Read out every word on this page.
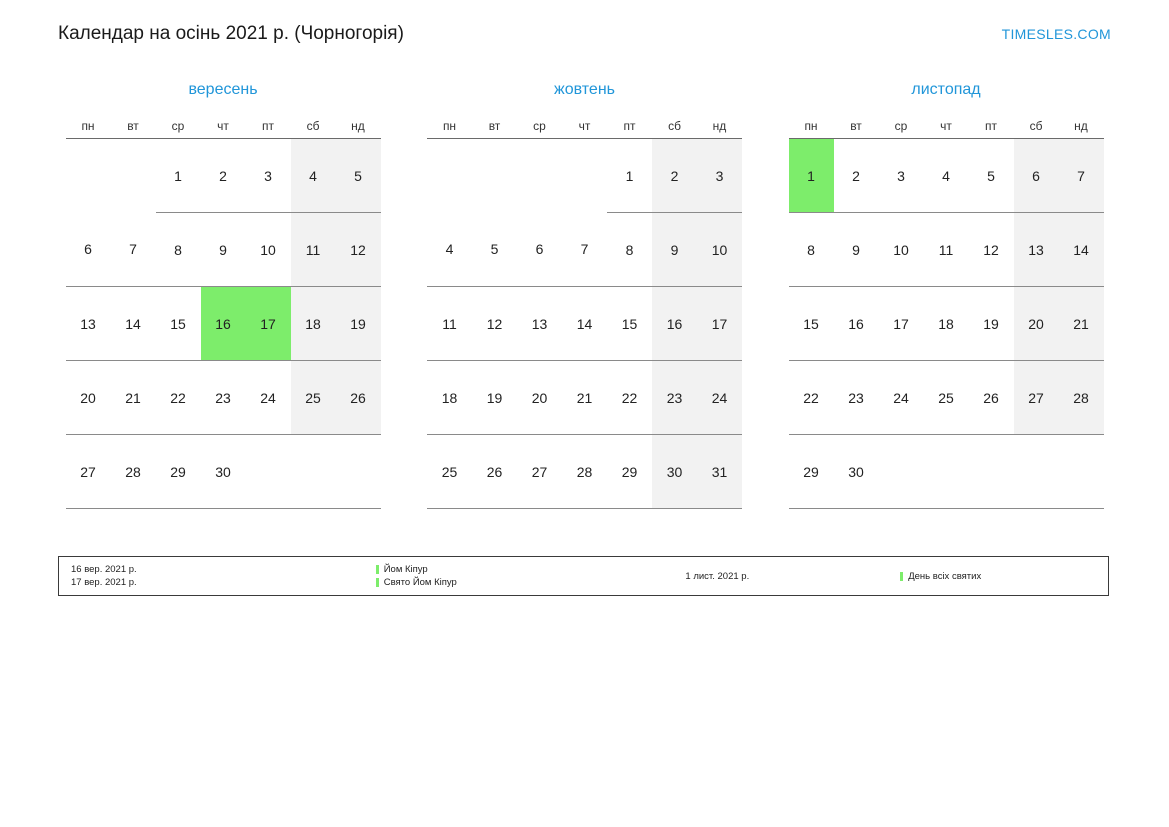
Календар на осінь 2021 р. (Чорногорія)	TIMESLES.COM
вересень
пн	вт	ср	чт	пт	сб	нд
		1	2	3	4	5
6	7	8	9	10	11	12
13	14	15	16	17	18	19
20	21	22	23	24	25	26
27	28	29	30			
жовтень
пн	вт	ср	чт	пт	сб	нд
				1	2	3
4	5	6	7	8	9	10
11	12	13	14	15	16	17
18	19	20	21	22	23	24
25	26	27	28	29	30	31
листопад
пн	вт	ср	чт	пт	сб	нд
1	2	3	4	5	6	7
8	9	10	11	12	13	14
15	16	17	18	19	20	21
22	23	24	25	26	27	28
29	30					
16 вер. 2021 р.
17 вер. 2021 р.
Йом Кіпур
Свято Йом Кіпур
1 лист. 2021 р.	День всіх святих
